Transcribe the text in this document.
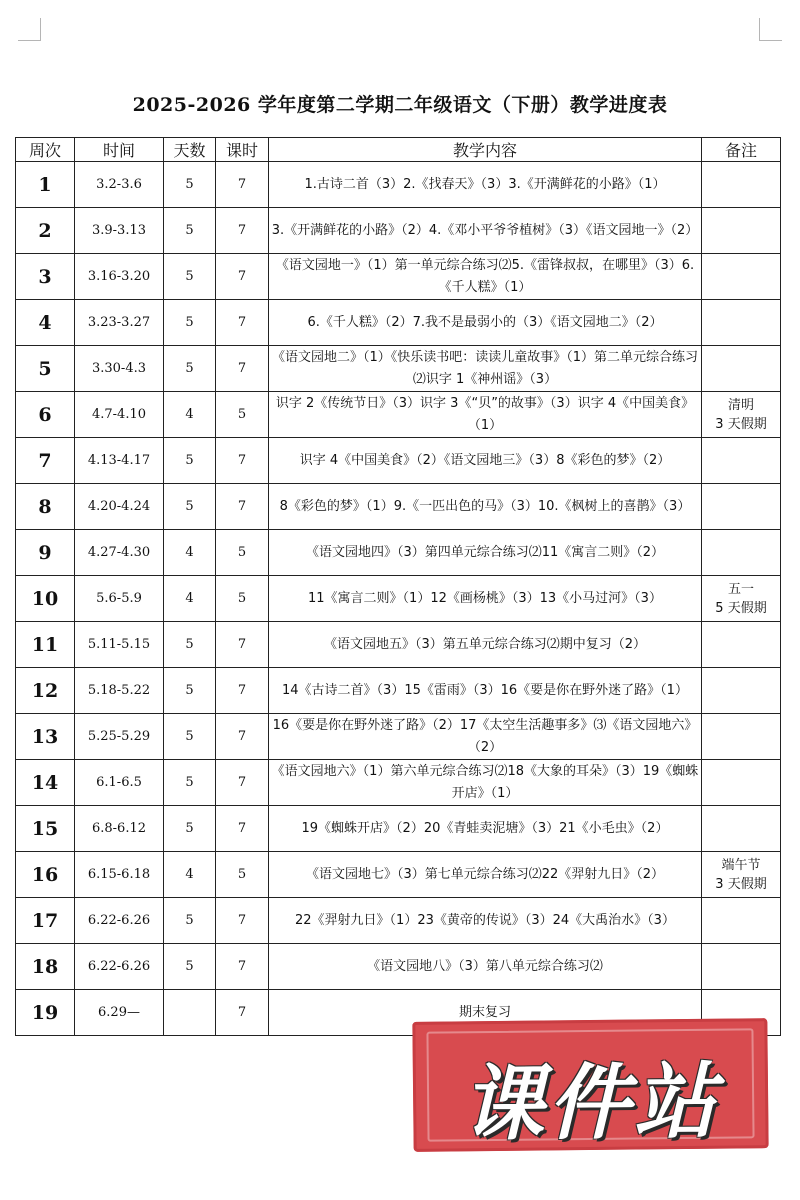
2025-2026 学年度第二学期二年级语文（下册）教学进度表
周次	时间	天数	课时	教学内容	备注
1	3.2-3.6	5	7	1.古诗二首（3）2.《找春天》（3）3.《开满鲜花的小路》（1）	

2	3.9-3.13	5	7	3.《开满鲜花的小路》（2）4.《邓小平爷爷植树》（3）《语文园地一》（2）	

3	3.16-3.20	5	7	《语文园地一》（1）第一单元综合练习⑵5.《雷锋叔叔，在哪里》（3）6.《千人糕》（1）	

4	3.23-3.27	5	7	6.《千人糕》（2）7.我不是最弱小的（3）《语文园地二》（2）	

5	3.30-4.3	5	7	《语文园地二》（1）《快乐读书吧：读读儿童故事》（1）第二单元综合练习⑵识字 1《神州谣》（3）	

6	4.7-4.10	4	5	识字 2《传统节日》（3）识字 3《“贝”的故事》（3）识字 4《中国美食》（1）	清明
3 天假期

7	4.13-4.17	5	7	识字 4《中国美食》（2）《语文园地三》（3）8《彩色的梦》（2）	

8	4.20-4.24	5	7	8《彩色的梦》（1）9.《一匹出色的马》（3）10.《枫树上的喜鹊》（3）	

9	4.27-4.30	4	5	《语文园地四》（3）第四单元综合练习⑵11《寓言二则》（2）	

10	5.6-5.9	4	5	11《寓言二则》（1）12《画杨桃》（3）13《小马过河》（3）	五一
5 天假期

11	5.11-5.15	5	7	《语文园地五》（3）第五单元综合练习⑵期中复习（2）	

12	5.18-5.22	5	7	14《古诗二首》（3）15《雷雨》（3）16《要是你在野外迷了路》（1）	

13	5.25-5.29	5	7	16《要是你在野外迷了路》（2）17《太空生活趣事多》⑶《语文园地六》（2）	

14	6.1-6.5	5	7	《语文园地六》（1）第六单元综合练习⑵18《大象的耳朵》（3）19《蜘蛛开店》（1）	

15	6.8-6.12	5	7	19《蜘蛛开店》（2）20《青蛙卖泥塘》（3）21《小毛虫》（2）	

16	6.15-6.18	4	5	《语文园地七》（3）第七单元综合练习⑵22《羿射九日》（2）	端午节
3 天假期

17	6.22-6.26	5	7	22《羿射九日》（1）23《黄帝的传说》（3）24《大禹治水》（3）	

18	6.22-6.26	5	7	《语文园地八》（3）第八单元综合练习⑵	

19	6.29—		7	期末复习	
课件站
